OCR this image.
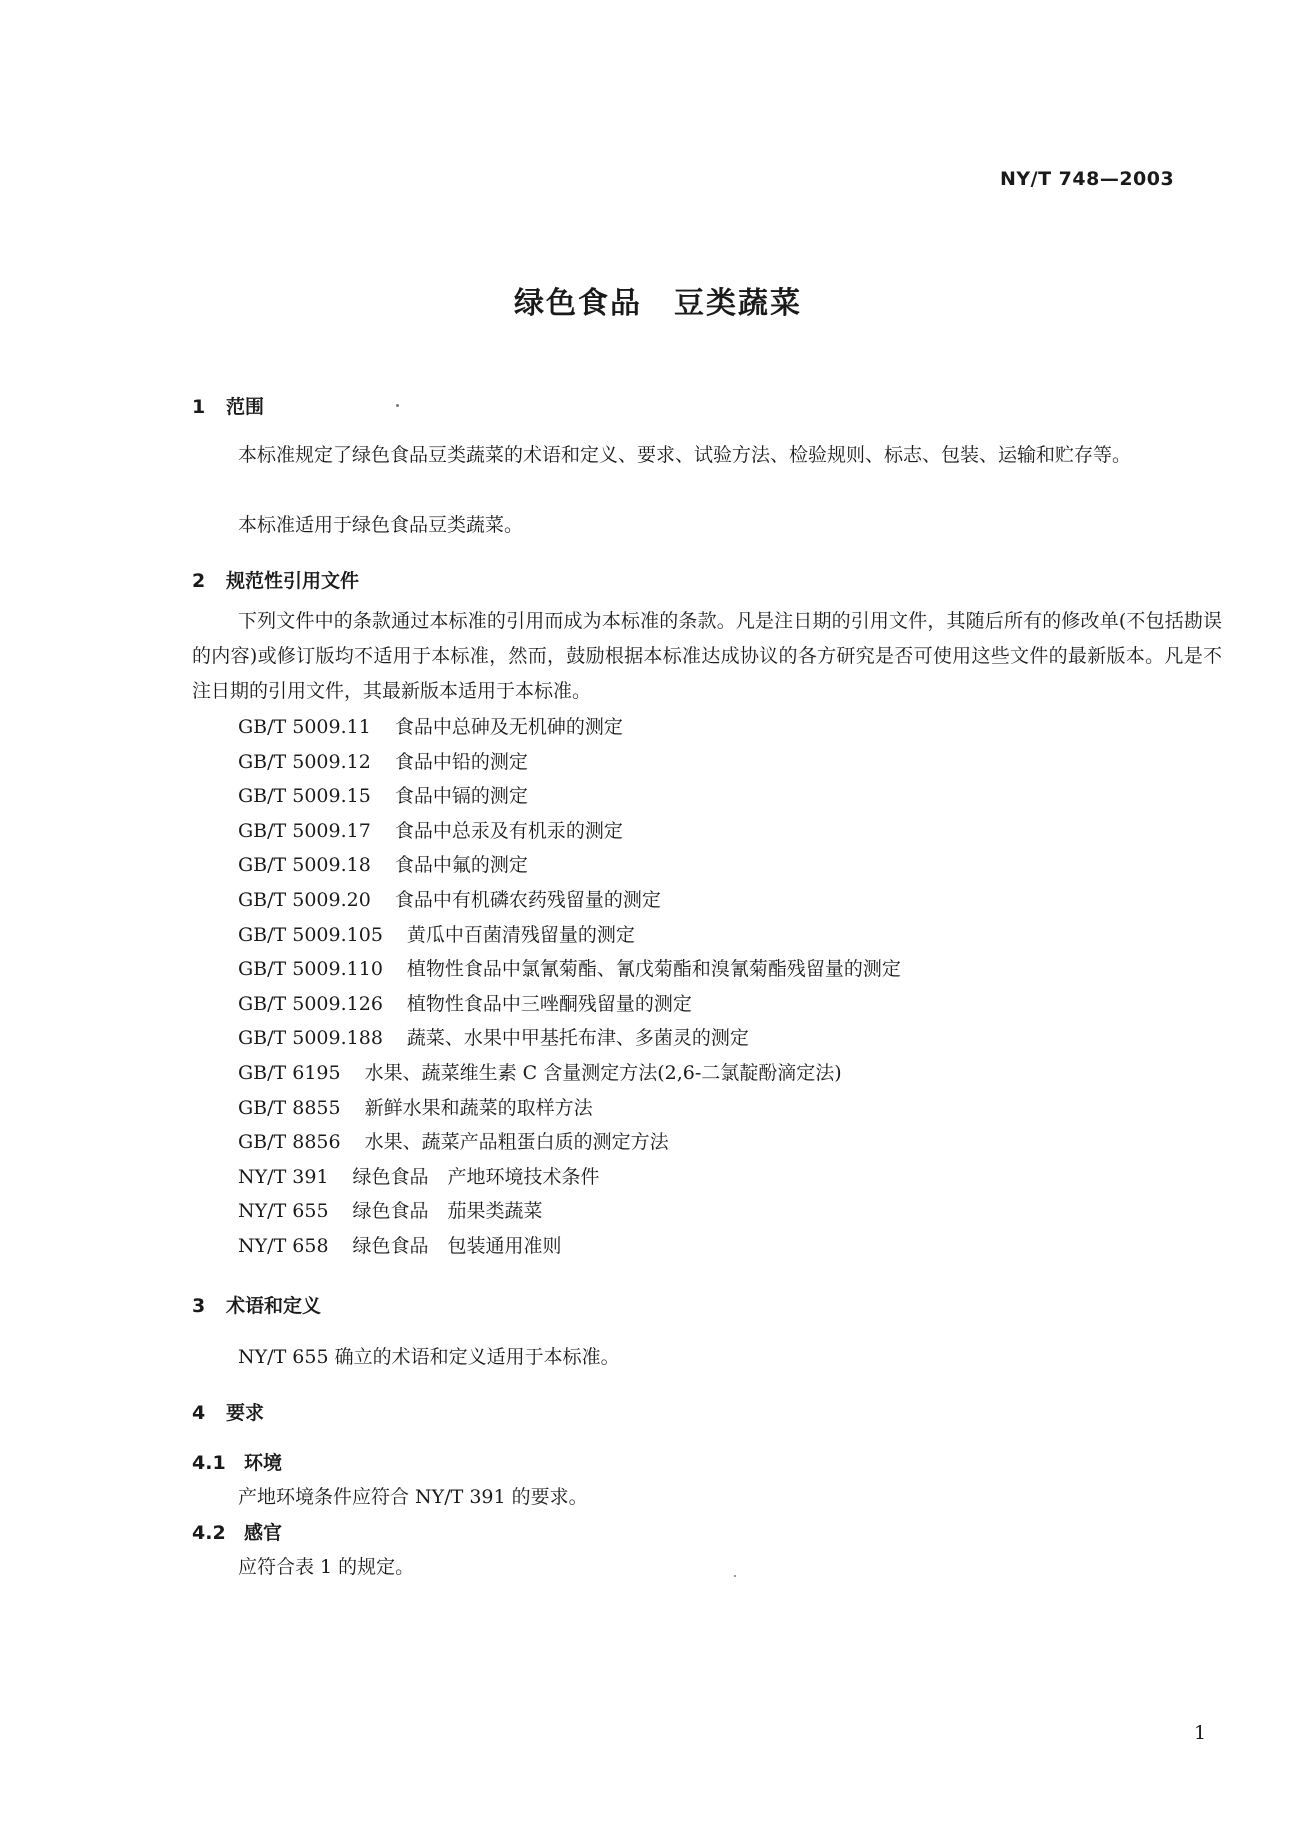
NY/T 748—2003
绿色食品　豆类蔬菜
1 范围

本标准规定了绿色食品豆类蔬菜的术语和定义、要求、试验方法、检验规则、标志、包装、运输和贮存等。

本标准适用于绿色食品豆类蔬菜。

2 规范性引用文件

下列文件中的条款通过本标准的引用而成为本标准的条款。凡是注日期的引用文件，其随后所有的修改单(不包括勘误的内容)或修订版均不适用于本标准，然而，鼓励根据本标准达成协议的各方研究是否可使用这些文件的最新版本。凡是不注日期的引用文件，其最新版本适用于本标准。

GB/T 5009.11 食品中总砷及无机砷的测定
GB/T 5009.12 食品中铅的测定
GB/T 5009.15 食品中镉的测定
GB/T 5009.17 食品中总汞及有机汞的测定
GB/T 5009.18 食品中氟的测定
GB/T 5009.20 食品中有机磷农药残留量的测定
GB/T 5009.105 黄瓜中百菌清残留量的测定
GB/T 5009.110 植物性食品中氯氰菊酯、氰戊菊酯和溴氰菊酯残留量的测定
GB/T 5009.126 植物性食品中三唑酮残留量的测定
GB/T 5009.188 蔬菜、水果中甲基托布津、多菌灵的测定
GB/T 6195 水果、蔬菜维生素 C 含量测定方法(2,6-二氯靛酚滴定法)
GB/T 8855 新鲜水果和蔬菜的取样方法
GB/T 8856 水果、蔬菜产品粗蛋白质的测定方法
NY/T 391 绿色食品　产地环境技术条件
NY/T 655 绿色食品　茄果类蔬菜
NY/T 658 绿色食品　包装通用准则
3 术语和定义
NY/T 655 确立的术语和定义适用于本标准。
4 要求
4.1 环境
产地环境条件应符合 NY/T 391 的要求。
4.2 感官
应符合表 1 的规定。
1
